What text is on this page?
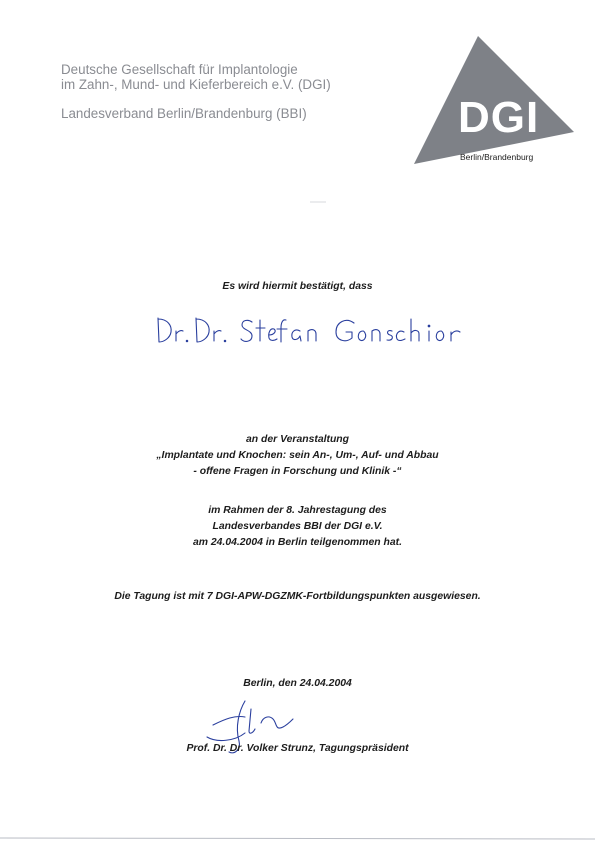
Deutsche Gesellschaft für Implantologie
im Zahn-, Mund- und Kieferbereich e.V. (DGI)
Landesverband Berlin/Brandenburg (BBI)	DGI
Berlin/Brandenburg
Es wird hiermit bestätigt, dass
an der Veranstaltung
„Implantate und Knochen: sein An-, Um-, Auf- und Abbau
- offene Fragen in Forschung und Klinik -“
im Rahmen der 8. Jahrestagung des
Landesverbandes BBI der DGI e.V.
am 24.04.2004 in Berlin teilgenommen hat.
Die Tagung ist mit 7 DGI-APW-DGZMK-Fortbildungspunkten ausgewiesen.
Berlin, den 24.04.2004
Prof. Dr. Dr. Volker Strunz, Tagungspräsident
